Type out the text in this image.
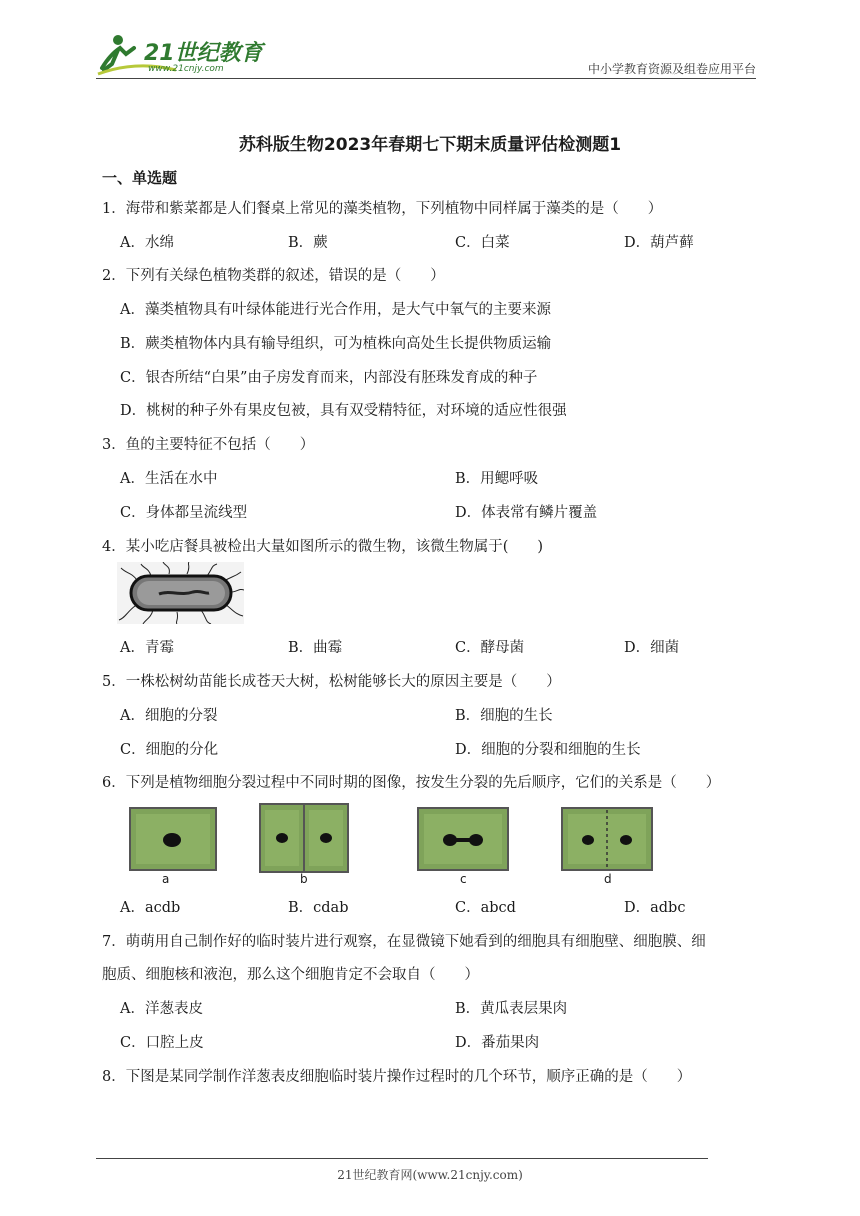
21世纪教育
www.21cnjy.com	中小学教育资源及组卷应用平台
苏科版生物2023年春期七下期末质量评估检测题1
一、单选题
1．海带和紫菜都是人们餐桌上常见的藻类植物，下列植物中同样属于藻类的是（　　）
A．水绵	B．蕨	C．白菜	D．葫芦藓
2．下列有关绿色植物类群的叙述，错误的是（　　）
A．藻类植物具有叶绿体能进行光合作用，是大气中氧气的主要来源
B．蕨类植物体内具有输导组织，可为植株向高处生长提供物质运输
C．银杏所结“白果”由子房发育而来，内部没有胚珠发育成的种子
D．桃树的种子外有果皮包被，具有双受精特征，对环境的适应性很强
3．鱼的主要特征不包括（　　）
A．生活在水中	B．用鳃呼吸
C．身体都呈流线型	D．体表常有鳞片覆盖
4．某小吃店餐具被检出大量如图所示的微生物，该微生物属于(　　)
A．青霉	B．曲霉	C．酵母菌	D．细菌
5．一株松树幼苗能长成苍天大树，松树能够长大的原因主要是（　　）
A．细胞的分裂	B．细胞的生长
C．细胞的分化	D．细胞的分裂和细胞的生长
6．下列是植物细胞分裂过程中不同时期的图像，按发生分裂的先后顺序，它们的关系是（　　）
a	b	c	d
A．acdb	B．cdab	C．abcd	D．adbc
7．萌萌用自己制作好的临时装片进行观察，在显微镜下她看到的细胞具有细胞壁、细胞膜、细
胞质、细胞核和液泡，那么这个细胞肯定不会取自（　　）
A．洋葱表皮	B．黄瓜表层果肉
C．口腔上皮	D．番茄果肉
8．下图是某同学制作洋葱表皮细胞临时装片操作过程时的几个环节，顺序正确的是（　　）
21世纪教育网(www.21cnjy.com)
